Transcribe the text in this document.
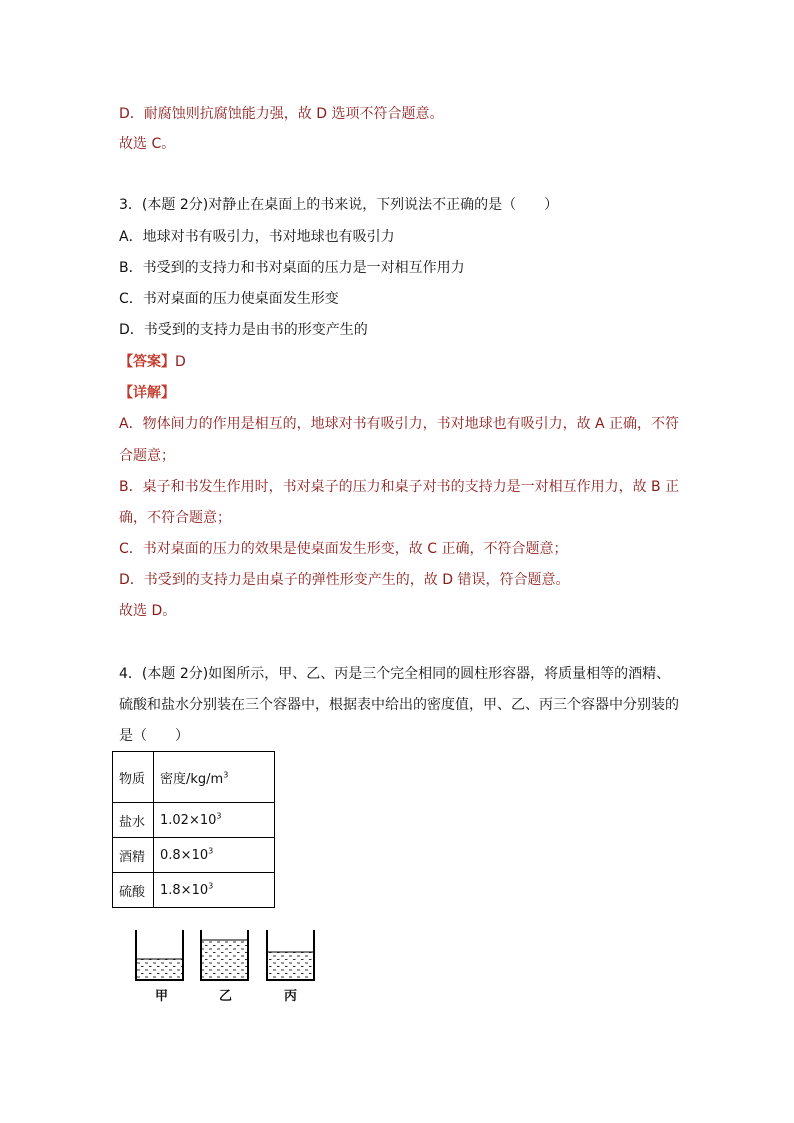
D．耐腐蚀则抗腐蚀能力强，故 D 选项不符合题意。
故选 C。
3．(本题 2分)对静止在桌面上的书来说，下列说法不正确的是（　　）
A．地球对书有吸引力，书对地球也有吸引力
B．书受到的支持力和书对桌面的压力是一对相互作用力
C．书对桌面的压力使桌面发生形变
D．书受到的支持力是由书的形变产生的
【答案】D
【详解】
A．物体间力的作用是相互的，地球对书有吸引力，书对地球也有吸引力，故 A 正确，不符
合题意；
B．桌子和书发生作用时，书对桌子的压力和桌子对书的支持力是一对相互作用力，故 B 正
确，不符合题意；
C．书对桌面的压力的效果是使桌面发生形变，故 C 正确，不符合题意；
D．书受到的支持力是由桌子的弹性形变产生的，故 D 错误，符合题意。
故选 D。
4．(本题 2分)如图所示，甲、乙、丙是三个完全相同的圆柱形容器，将质量相等的酒精、
硫酸和盐水分别装在三个容器中，根据表中给出的密度值，甲、乙、丙三个容器中分别装的
是（　　）
物质	密度$/kg/m^3$
盐水	$1.02\times 10^3$
酒精	$0.8\times 10^3$
硫酸	$1.8\times 10^3$
甲	乙	丙
